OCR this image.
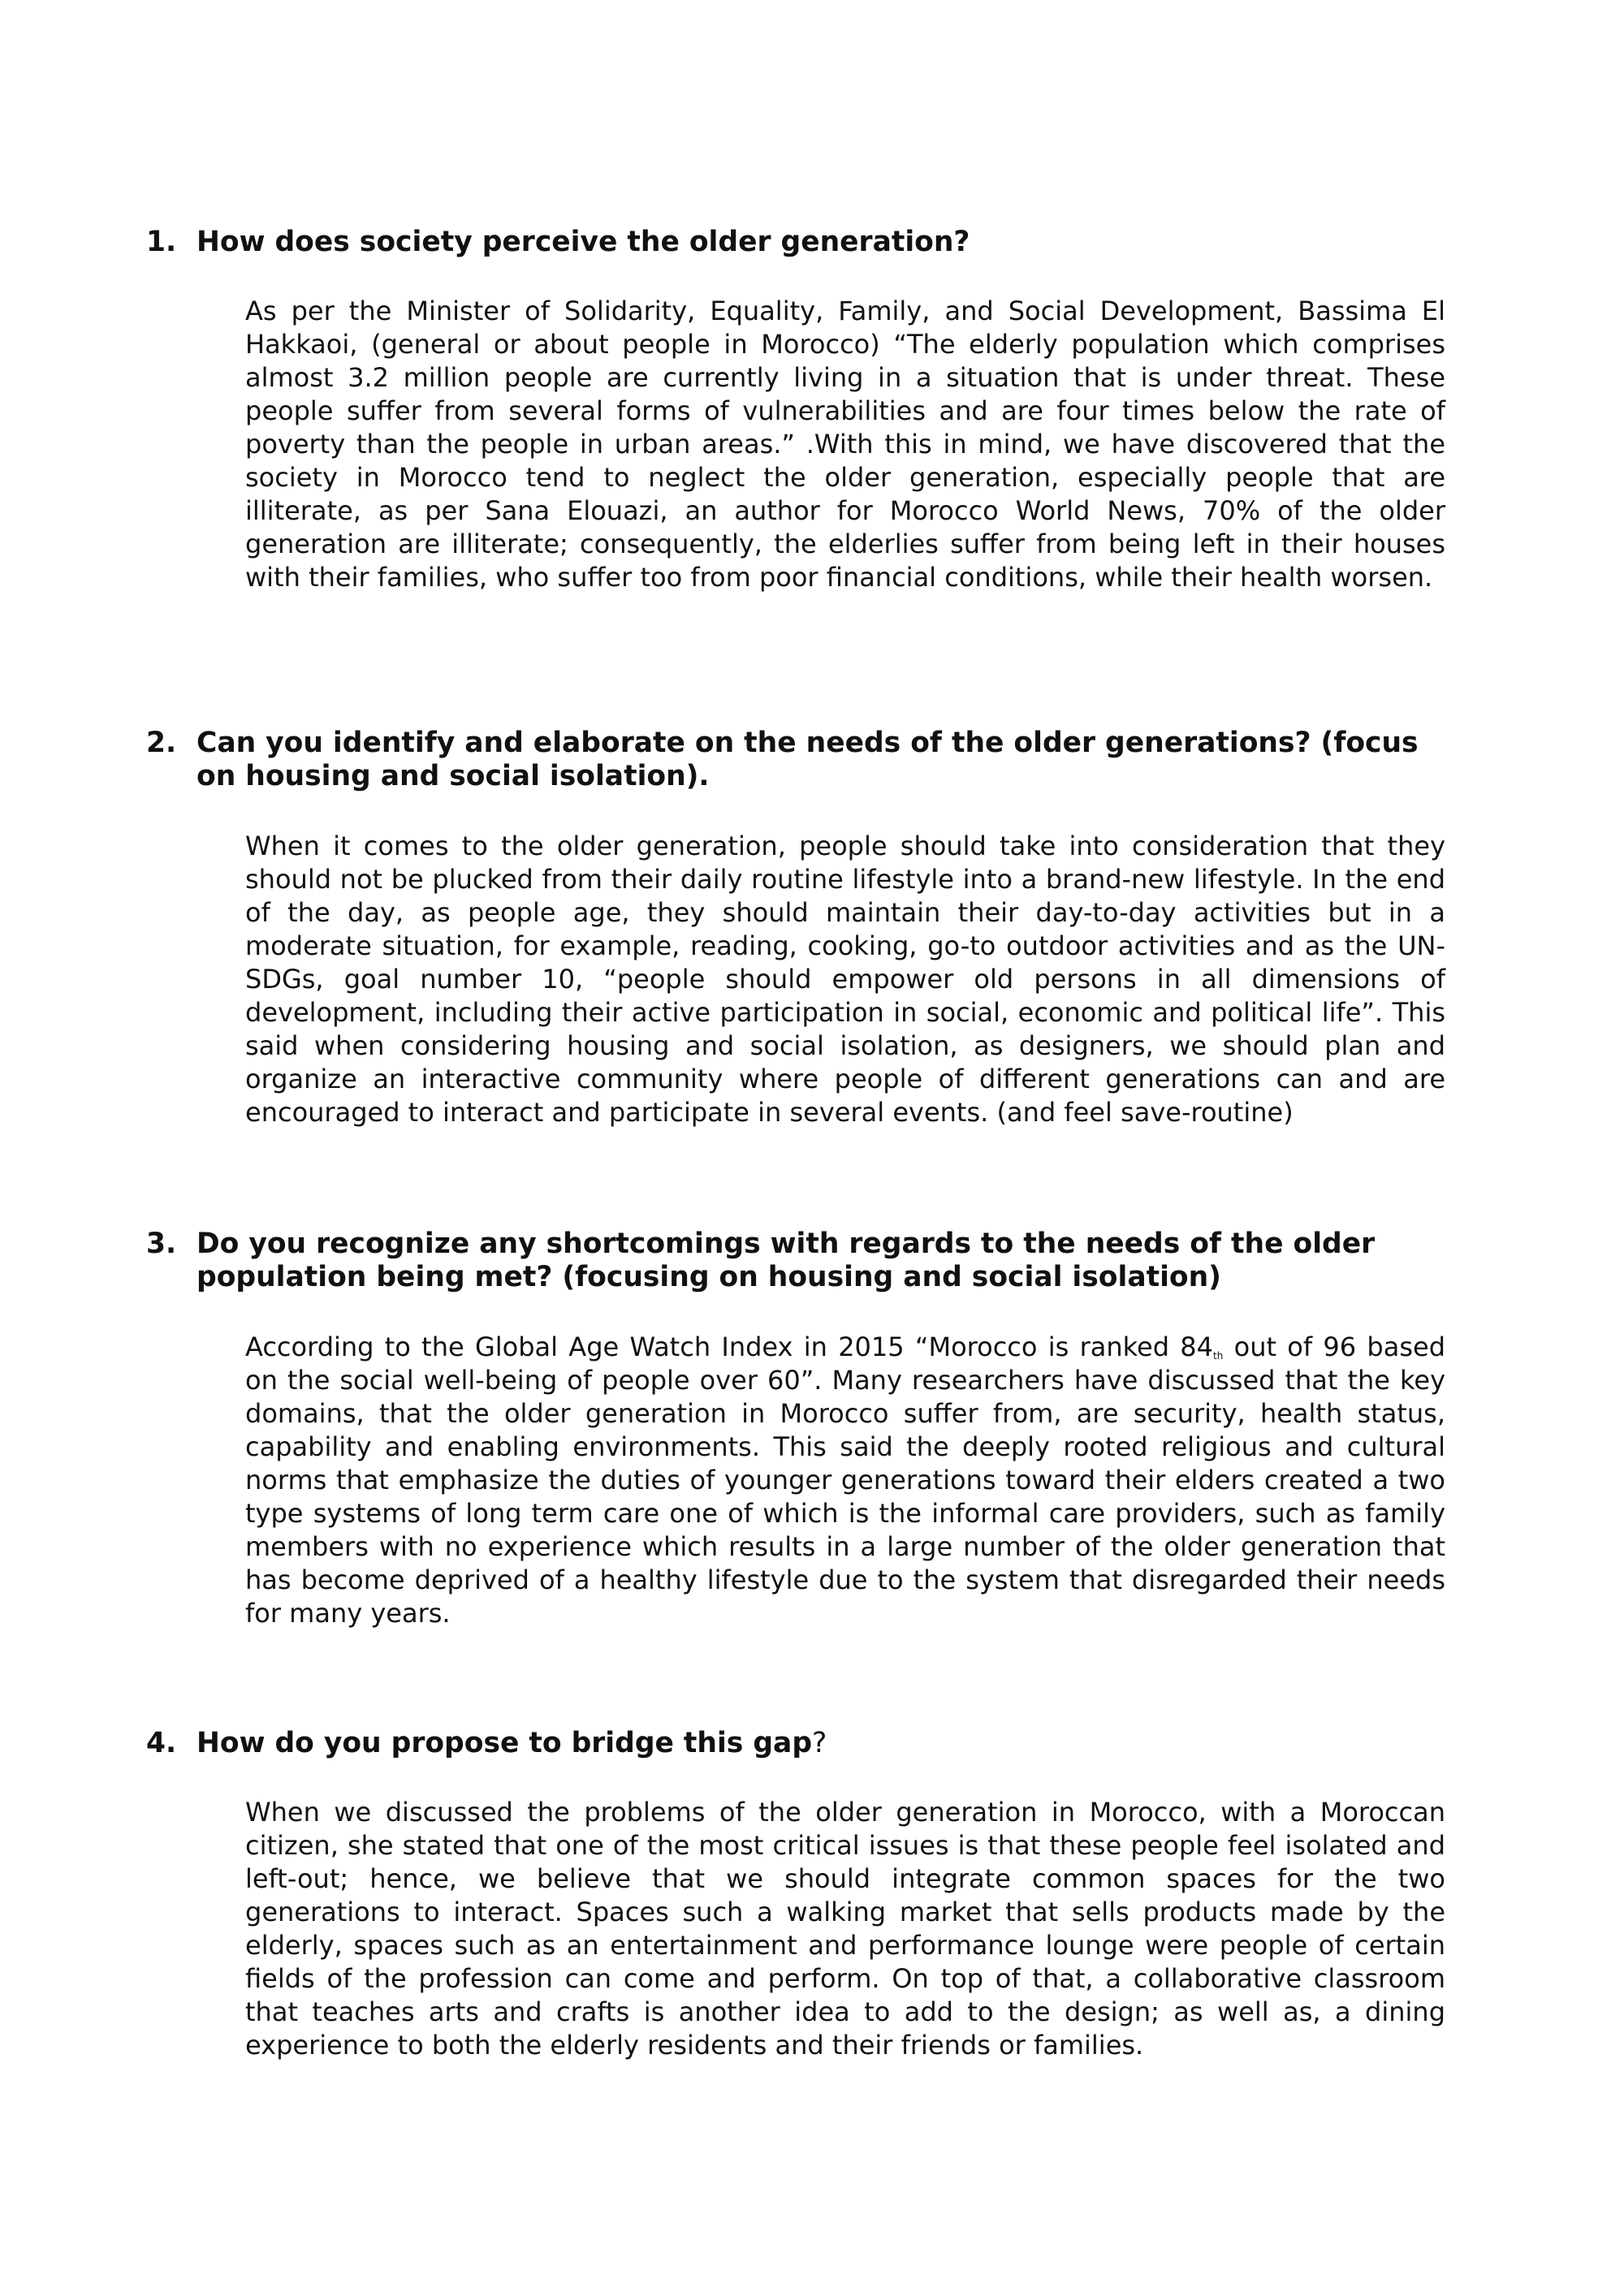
1. How does society perceive the older generation?

As per the Minister of Solidarity, Equality, Family, and Social Development, Bassima El Hakkaoi, (general or about people in Morocco) “The elderly population which comprises almost 3.2 million people are currently living in a situation that is under threat. These people suffer from several forms of vulnerabilities and are four times below the rate of poverty than the people in urban areas.” .With this in mind, we have discovered that the society in Morocco tend to neglect the older generation, especially people that are illiterate, as per Sana Elouazi, an author for Morocco World News, 70% of the older generation are illiterate; consequently, the elderlies suffer from being left in their houses with their families, who suffer too from poor financial conditions, while their health worsen.

2. Can you identify and elaborate on the needs of the older generations? (focus on housing and social isolation).

When it comes to the older generation, people should take into consideration that they should not be plucked from their daily routine lifestyle into a brand-new lifestyle. In the end of the day, as people age, they should maintain their day-to-day activities but in a moderate situation, for example, reading, cooking, go-to outdoor activities and as the UN-SDGs, goal number 10, “people should empower old persons in all dimensions of development, including their active participation in social, economic and political life”. This said when considering housing and social isolation, as designers, we should plan and organize an interactive community where people of different generations can and are encouraged to interact and participate in several events. (and feel save-routine)

3. Do you recognize any shortcomings with regards to the needs of the older population being met? (focusing on housing and social isolation)

According to the Global Age Watch Index in 2015 “Morocco is ranked 84th out of 96 based on the social well-being of people over 60”. Many researchers have discussed that the key domains, that the older generation in Morocco suffer from, are security, health status, capability and enabling environments. This said the deeply rooted religious and cultural norms that emphasize the duties of younger generations toward their elders created a two type systems of long term care one of which is the informal care providers, such as family members with no experience which results in a large number of the older generation that has become deprived of a healthy lifestyle due to the system that disregarded their needs for many years.

4. How do you propose to bridge this gap?

When we discussed the problems of the older generation in Morocco, with a Moroccan citizen, she stated that one of the most critical issues is that these people feel isolated and left-out; hence, we believe that we should integrate common spaces for the two generations to interact. Spaces such a walking market that sells products made by the elderly, spaces such as an entertainment and performance lounge were people of certain fields of the profession can come and perform. On top of that, a collaborative classroom that teaches arts and crafts is another idea to add to the design; as well as, a dining experience to both the elderly residents and their friends or families.
